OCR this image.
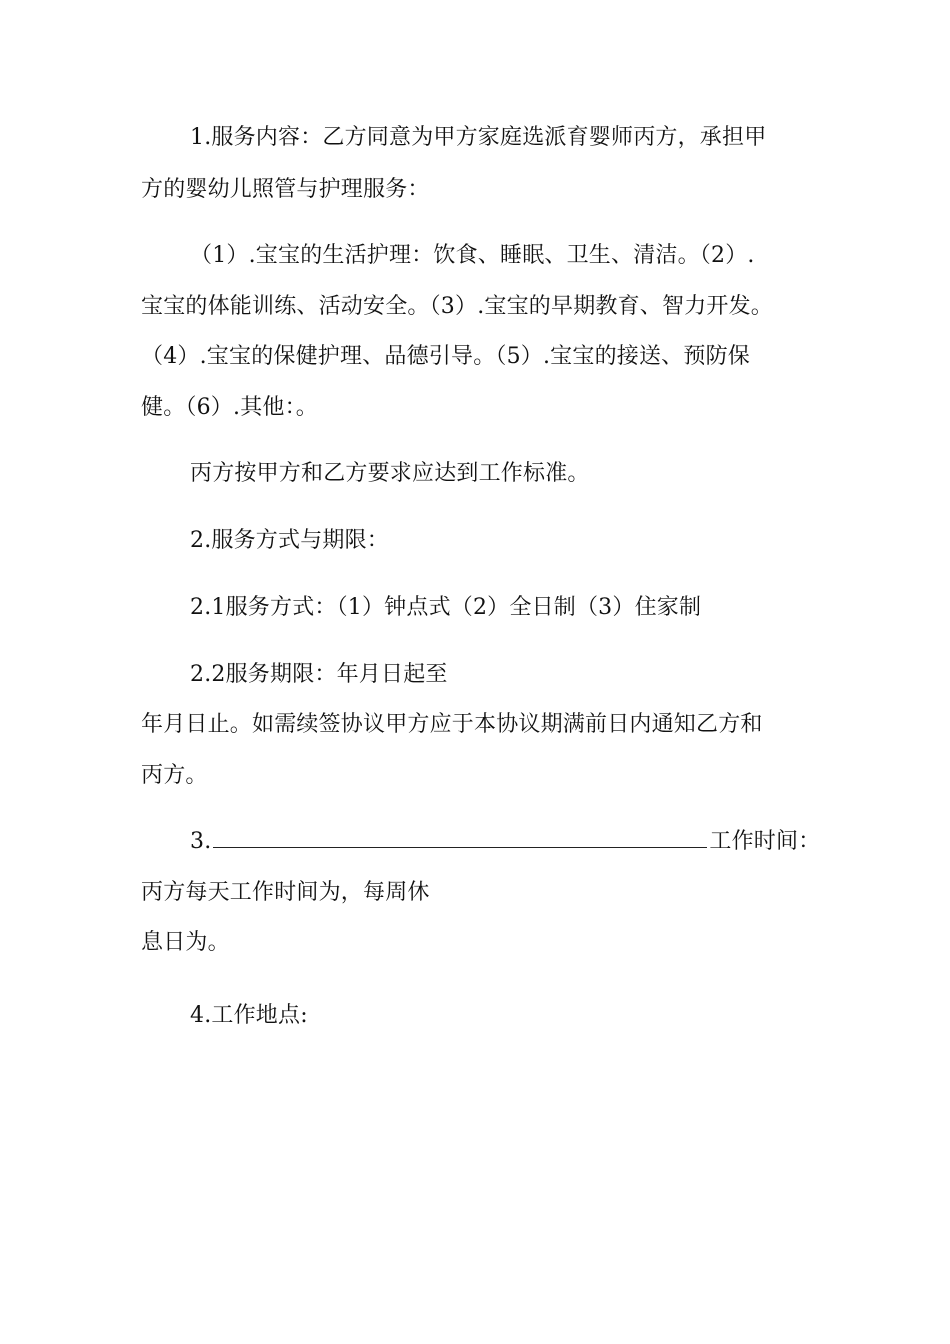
1.服务内容：乙方同意为甲方家庭选派育婴师丙方，承担甲
方的婴幼儿照管与护理服务：
（1）.宝宝的生活护理：饮食、睡眠、卫生、清洁。（2）.
宝宝的体能训练、活动安全。（3）.宝宝的早期教育、智力开发。
（4）.宝宝的保健护理、品德引导。（5）.宝宝的接送、预防保
健。（6）.其他：。
丙方按甲方和乙方要求应达到工作标准。
2.服务方式与期限：
2.1服务方式：（1）钟点式（2）全日制（3）住家制
2.2服务期限：年月日起至
年月日止。如需续签协议甲方应于本协议期满前日内通知乙方和
丙方。
3.	工作时间：
丙方每天工作时间为，每周休
息日为。
4.工作地点:
